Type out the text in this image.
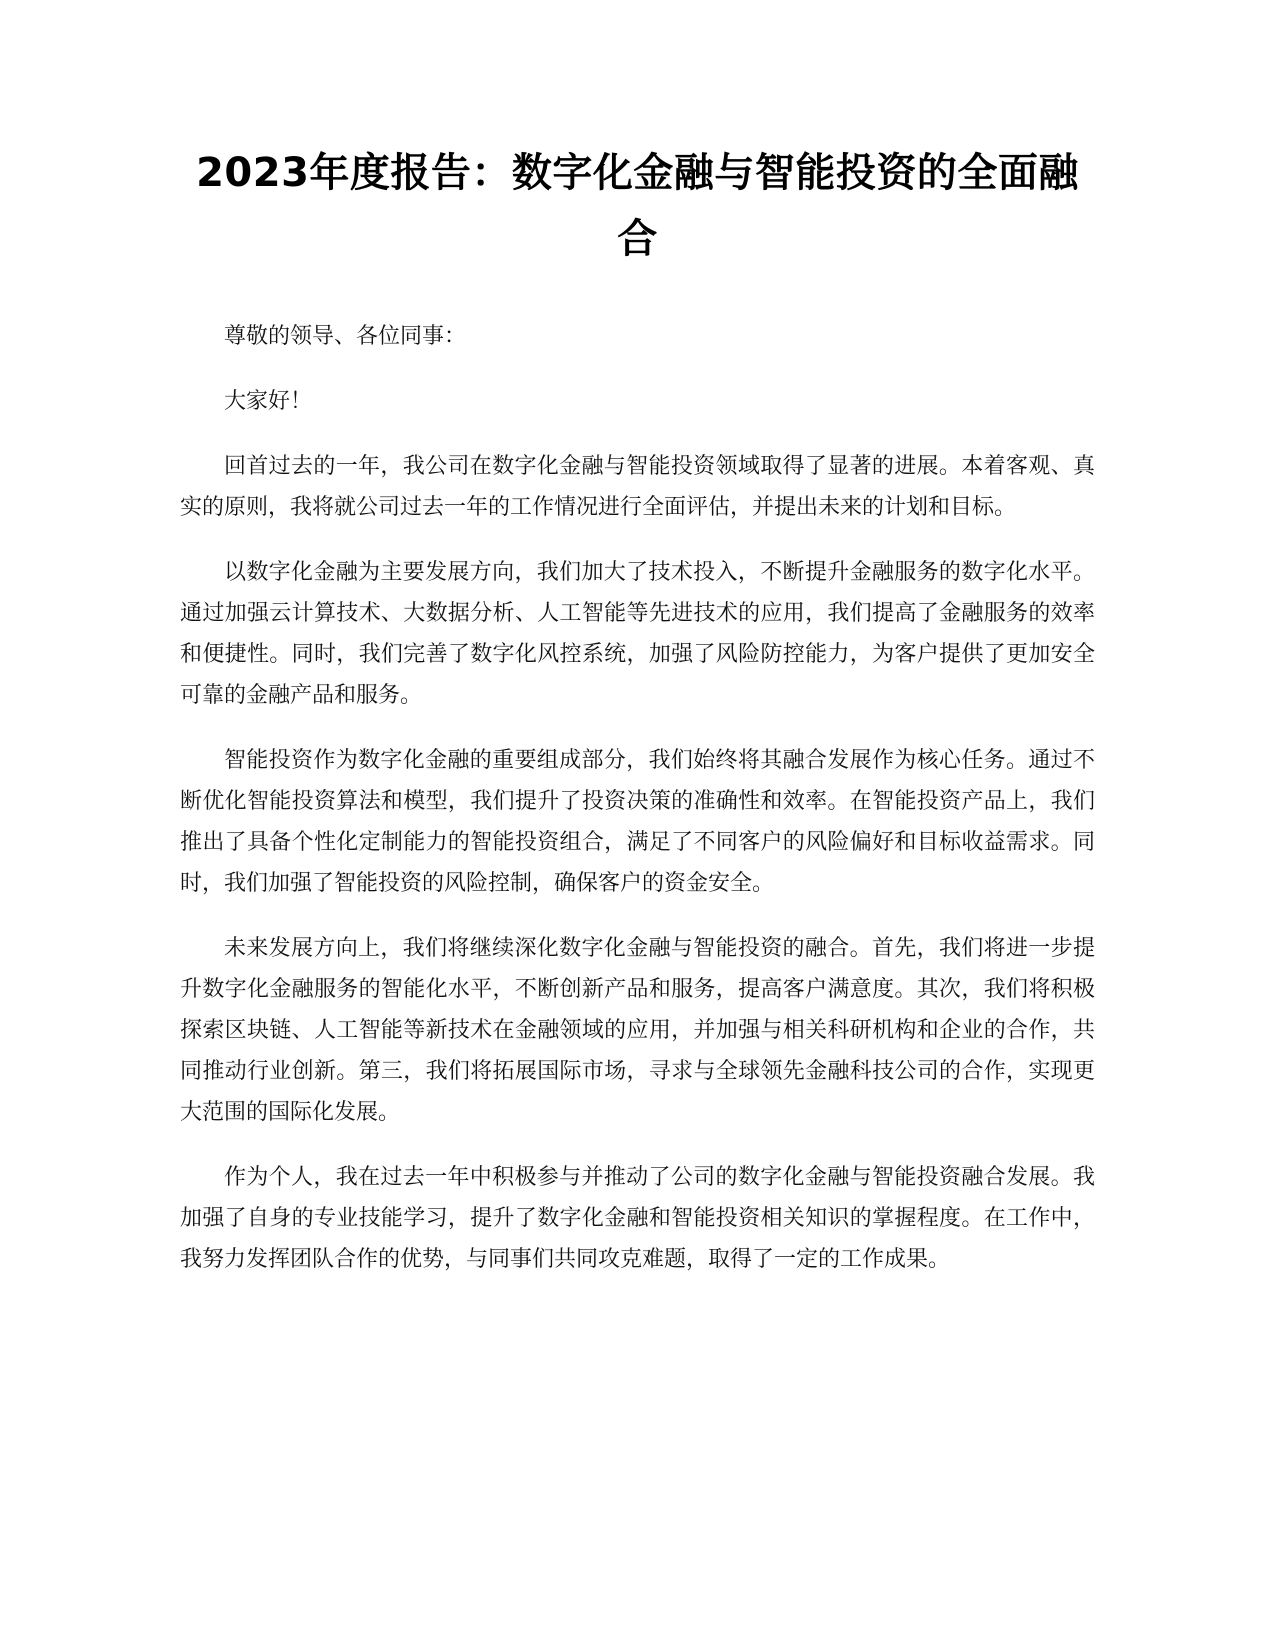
2023年度报告：数字化金融与智能投资的全面融合

尊敬的领导、各位同事：

大家好！

回首过去的一年，我公司在数字化金融与智能投资领域取得了显著的进展。本着客观、真实的原则，我将就公司过去一年的工作情况进行全面评估，并提出未来的计划和目标。

以数字化金融为主要发展方向，我们加大了技术投入，不断提升金融服务的数字化水平。通过加强云计算技术、大数据分析、人工智能等先进技术的应用，我们提高了金融服务的效率和便捷性。同时，我们完善了数字化风控系统，加强了风险防控能力，为客户提供了更加安全可靠的金融产品和服务。

智能投资作为数字化金融的重要组成部分，我们始终将其融合发展作为核心任务。通过不断优化智能投资算法和模型，我们提升了投资决策的准确性和效率。在智能投资产品上，我们推出了具备个性化定制能力的智能投资组合，满足了不同客户的风险偏好和目标收益需求。同时，我们加强了智能投资的风险控制，确保客户的资金安全。

未来发展方向上，我们将继续深化数字化金融与智能投资的融合。首先，我们将进一步提升数字化金融服务的智能化水平，不断创新产品和服务，提高客户满意度。其次，我们将积极探索区块链、人工智能等新技术在金融领域的应用，并加强与相关科研机构和企业的合作，共同推动行业创新。第三，我们将拓展国际市场，寻求与全球领先金融科技公司的合作，实现更大范围的国际化发展。

作为个人，我在过去一年中积极参与并推动了公司的数字化金融与智能投资融合发展。我加强了自身的专业技能学习，提升了数字化金融和智能投资相关知识的掌握程度。在工作中，我努力发挥团队合作的优势，与同事们共同攻克难题，取得了一定的工作成果。
